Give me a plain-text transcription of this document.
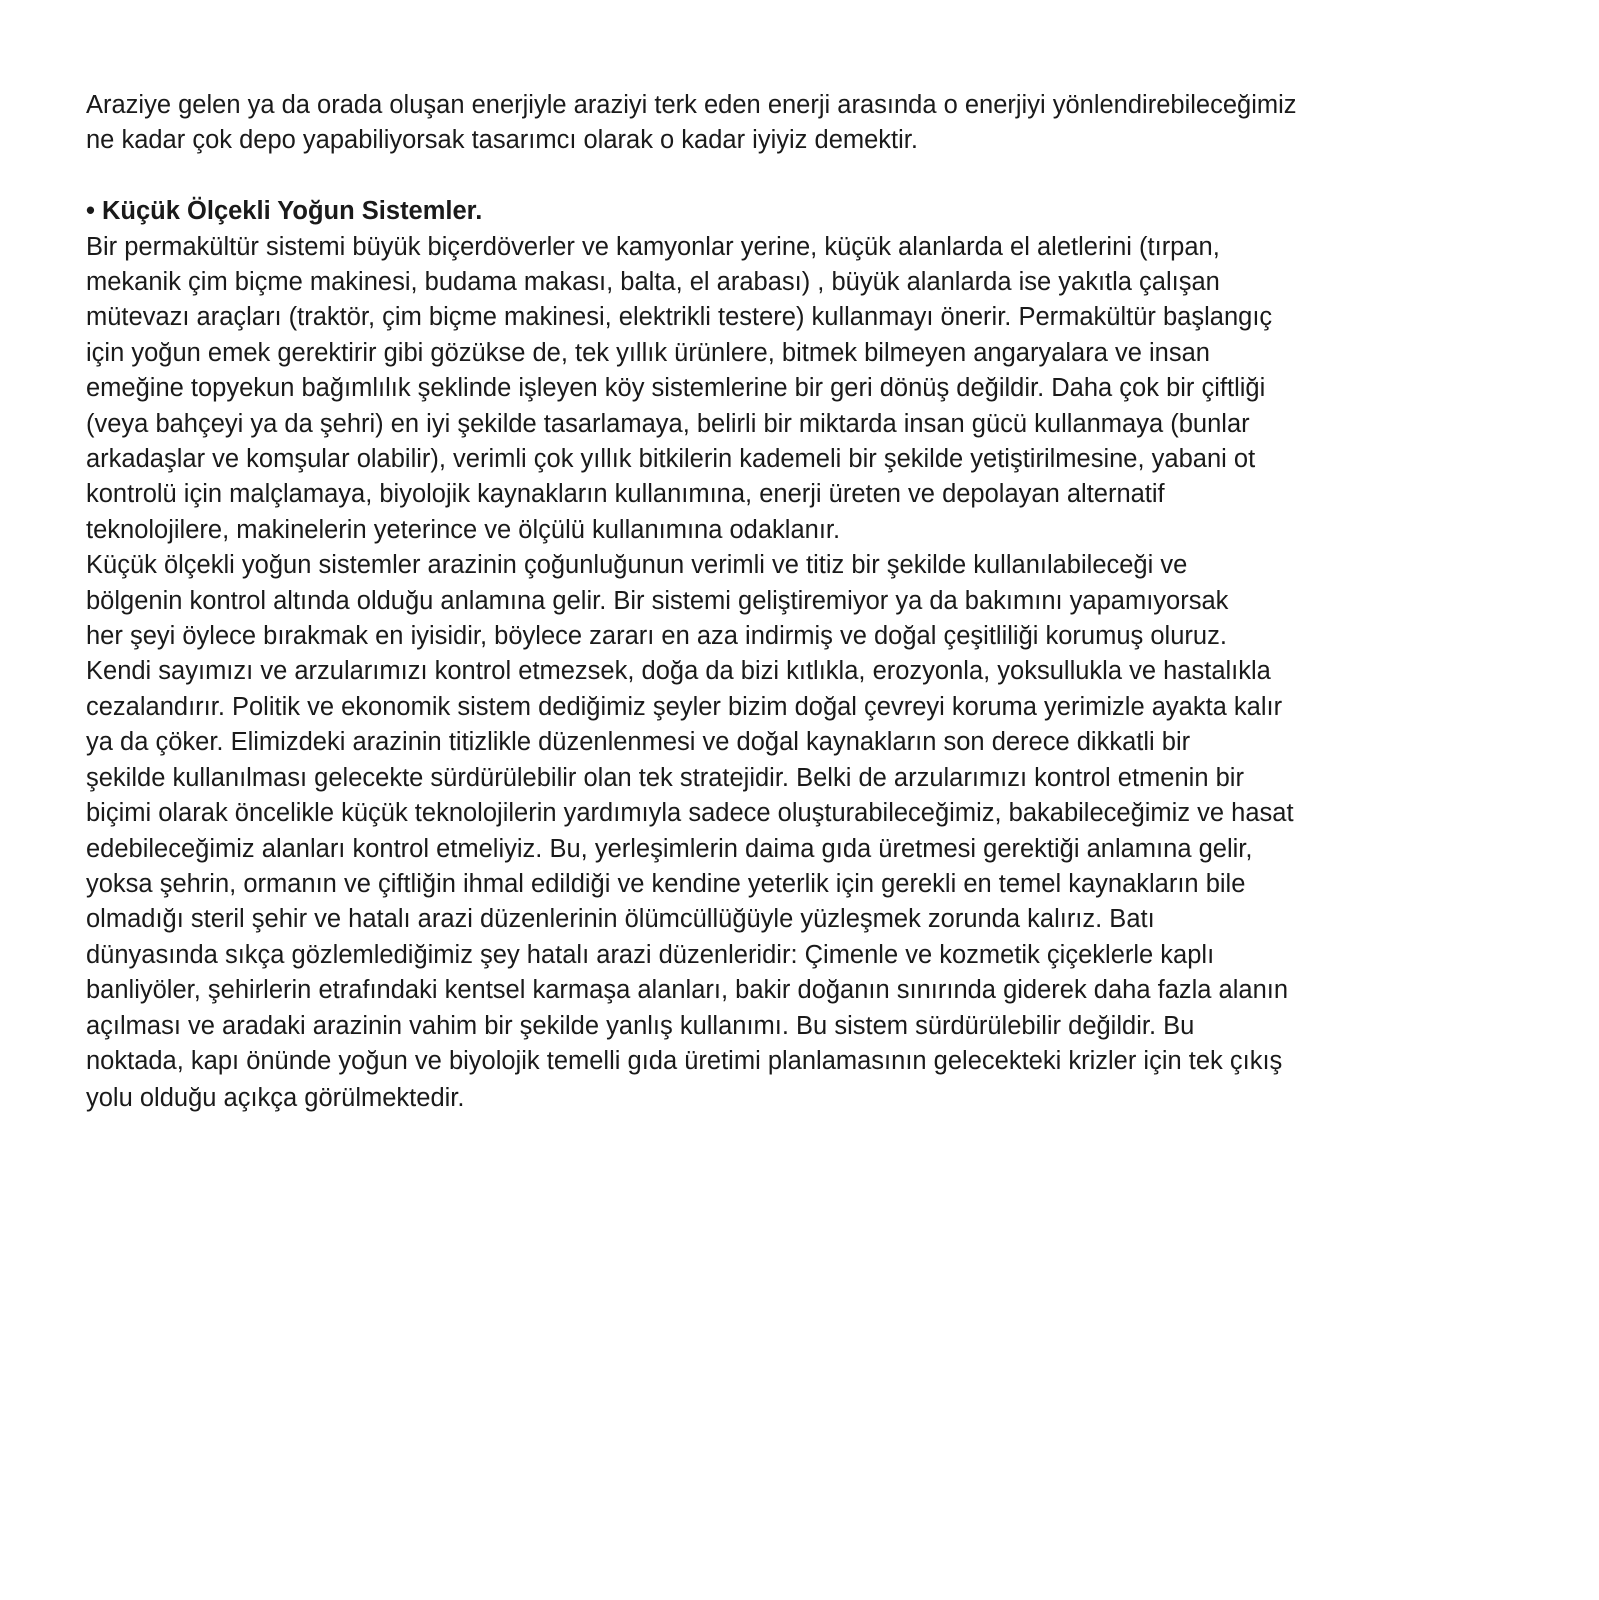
Araziye gelen ya da orada oluşan enerjiyle araziyi terk eden enerji arasında o enerjiyi yönlendirebileceğimiz
ne kadar çok depo yapabiliyorsak tasarımcı olarak o kadar iyiyiz demektir.
• Küçük Ölçekli Yoğun Sistemler.
Bir permakültür sistemi büyük biçerdöverler ve kamyonlar yerine, küçük alanlarda el aletlerini (tırpan,
mekanik çim biçme makinesi, budama makası, balta, el arabası) , büyük alanlarda ise yakıtla çalışan
mütevazı araçları (traktör, çim biçme makinesi, elektrikli testere) kullanmayı önerir. Permakültür başlangıç
için yoğun emek gerektirir gibi gözükse de, tek yıllık ürünlere, bitmek bilmeyen angaryalara ve insan
emeğine topyekun bağımlılık şeklinde işleyen köy sistemlerine bir geri dönüş değildir. Daha çok bir çiftliği
(veya bahçeyi ya da şehri) en iyi şekilde tasarlamaya, belirli bir miktarda insan gücü kullanmaya (bunlar
arkadaşlar ve komşular olabilir), verimli çok yıllık bitkilerin kademeli bir şekilde yetiştirilmesine, yabani ot
kontrolü için malçlamaya, biyolojik kaynakların kullanımına, enerji üreten ve depolayan alternatif
teknolojilere, makinelerin yeterince ve ölçülü kullanımına odaklanır.
Küçük ölçekli yoğun sistemler arazinin çoğunluğunun verimli ve titiz bir şekilde kullanılabileceği ve
bölgenin kontrol altında olduğu anlamına gelir. Bir sistemi geliştiremiyor ya da bakımını yapamıyorsak
her şeyi öylece bırakmak en iyisidir, böylece zararı en aza indirmiş ve doğal çeşitliliği korumuş oluruz.
Kendi sayımızı ve arzularımızı kontrol etmezsek, doğa da bizi kıtlıkla, erozyonla, yoksullukla ve hastalıkla
cezalandırır. Politik ve ekonomik sistem dediğimiz şeyler bizim doğal çevreyi koruma yerimizle ayakta kalır
ya da çöker. Elimizdeki arazinin titizlikle düzenlenmesi ve doğal kaynakların son derece dikkatli bir
şekilde kullanılması gelecekte sürdürülebilir olan tek stratejidir. Belki de arzularımızı kontrol etmenin bir
biçimi olarak öncelikle küçük teknolojilerin yardımıyla sadece oluşturabileceğimiz, bakabileceğimiz ve hasat
edebileceğimiz alanları kontrol etmeliyiz. Bu, yerleşimlerin daima gıda üretmesi gerektiği anlamına gelir,
yoksa şehrin, ormanın ve çiftliğin ihmal edildiği ve kendine yeterlik için gerekli en temel kaynakların bile
olmadığı steril şehir ve hatalı arazi düzenlerinin ölümcüllüğüyle yüzleşmek zorunda kalırız. Batı
dünyasında sıkça gözlemlediğimiz şey hatalı arazi düzenleridir: Çimenle ve kozmetik çiçeklerle kaplı
banliyöler, şehirlerin etrafındaki kentsel karmaşa alanları, bakir doğanın sınırında giderek daha fazla alanın
açılması ve aradaki arazinin vahim bir şekilde yanlış kullanımı. Bu sistem sürdürülebilir değildir. Bu
noktada, kapı önünde yoğun ve biyolojik temelli gıda üretimi planlamasının gelecekteki krizler için tek çıkış
yolu olduğu açıkça görülmektedir.
